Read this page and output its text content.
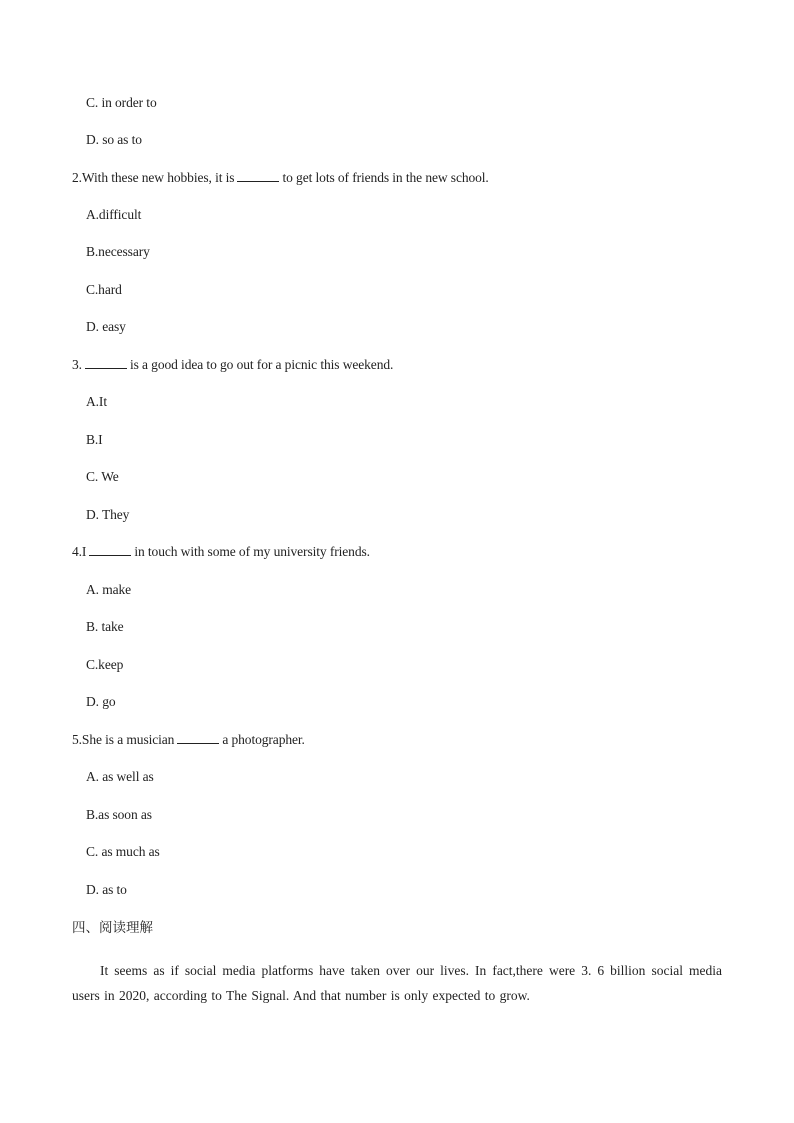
C. in order to
D. so as to
2.With these new hobbies, it is	to get lots of friends in the new school.
A.difficult
B.necessary
C.hard
D. easy
3.	is a good idea to go out for a picnic this weekend.
A.It
B.I
C. We
D. They
4.I	in touch with some of my university friends.
A. make
B. take
C.keep
D. go
5.She is a musician	a photographer.
A. as well as
B.as soon as
C. as much as
D. as to
四、阅读理解
It seems as if social media platforms have taken over our lives. In fact,there were 3. 6 billion social media users in 2020, according to The Signal. And that number is only expected to grow.
